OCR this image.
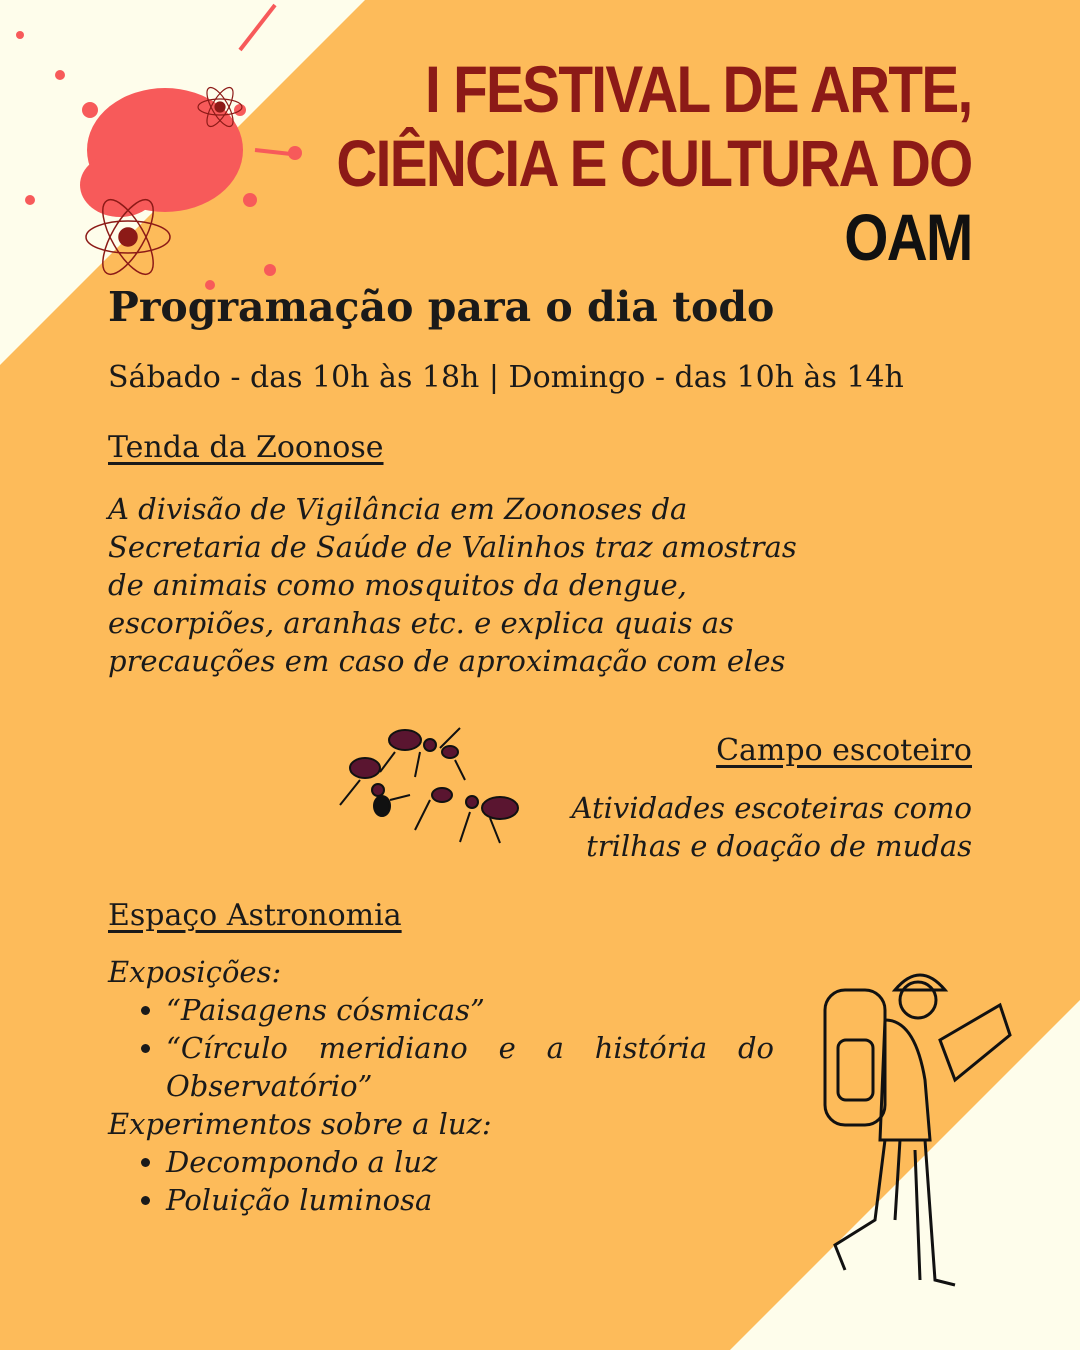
I FESTIVAL DE ARTE,
CIÊNCIA E CULTURA DO
OAM
Programação para o dia todo
Sábado - das 10h às 18h | Domingo - das 10h às 14h
Tenda da Zoonose
A divisão de Vigilância em Zoonoses da
Secretaria de Saúde de Valinhos traz amostras
de animais como mosquitos da dengue,
escorpiões, aranhas etc. e explica quais as
precauções em caso de aproximação com eles
Campo escoteiro
Atividades escoteiras como
trilhas e doação de mudas
Espaço Astronomia
Exposições:
• “Paisagens cósmicas”
• “Círculo meridiano e a história do Observatório”
Experimentos sobre a luz:
• Decompondo a luz
• Poluição luminosa
